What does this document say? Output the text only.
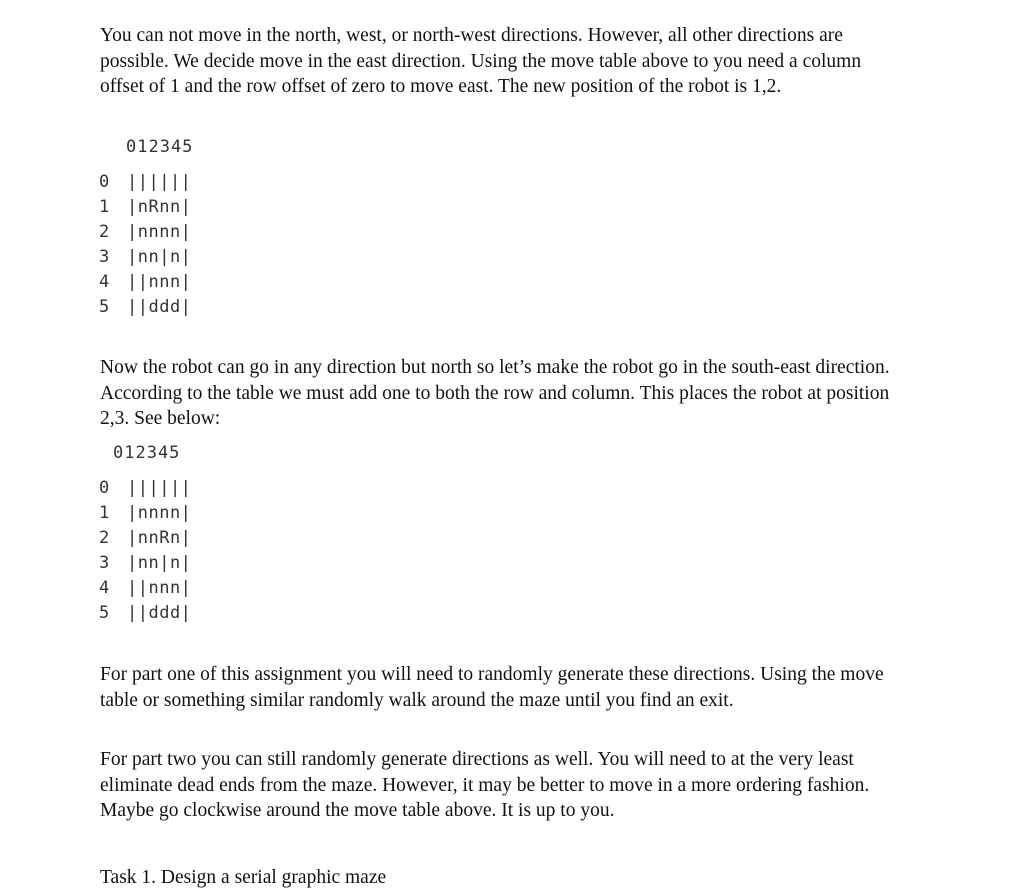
You can not move in the north, west, or north-west directions. However, all other directions are possible. We decide move in the east direction. Using the move table above to you need a column offset of 1 and the row offset of zero to move east. The new position of the robot is 1,2.

012345
0 ||||||
1 |nRnn|
2 |nnnn|
3 |nn|n|
4 ||nnn|
5 ||ddd|

Now the robot can go in any direction but north so let’s make the robot go in the south-east direction. According to the table we must add one to both the row and column. This places the robot at position 2,3. See below:

012345
0 ||||||
1 |nnnn|
2 |nnRn|
3 |nn|n|
4 ||nnn|
5 ||ddd|

For part one of this assignment you will need to randomly generate these directions. Using the move table or something similar randomly walk around the maze until you find an exit.

For part two you can still randomly generate directions as well. You will need to at the very least eliminate dead ends from the maze. However, it may be better to move in a more ordering fashion. Maybe go clockwise around the move table above. It is up to you.

Task 1. Design a serial graphic maze
